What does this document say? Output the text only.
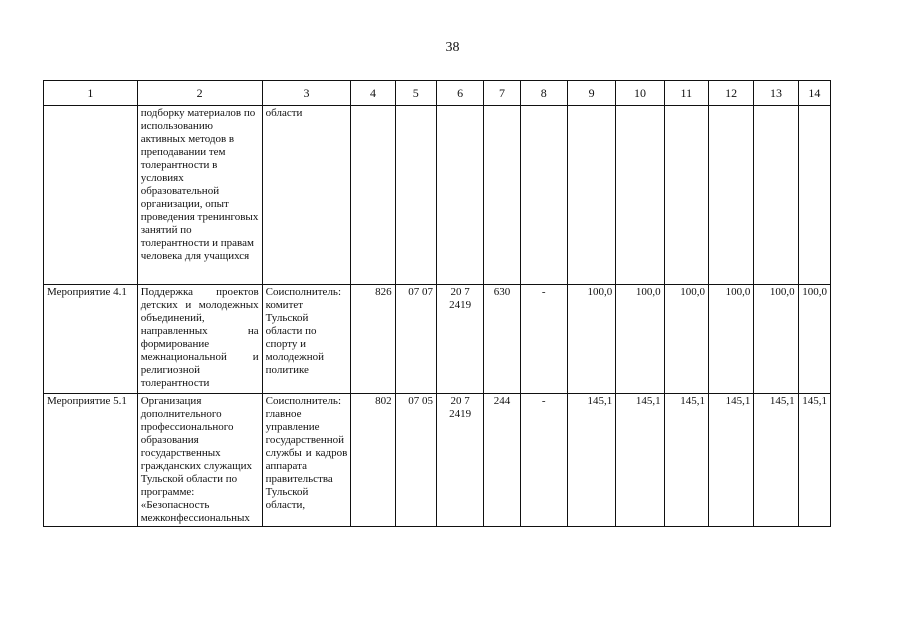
38
1	2	3	4	5	6	7	8	9	10	11	12	13	14
	подборку материалов по использованию активных методов в преподавании тем толерантности в условиях образовательной организации, опыт проведения тренинговых занятий по толерантности и правам человека для учащихся	области											
Мероприятие 4.1	Поддержка проектов детских и молодежных объединений, направленных на формирование межнациональной и религиозной толерантности	Соисполнитель: комитет Тульской области по спорту и молодежной политике	826	07 07	20 7 2419	630	-	100,0	100,0	100,0	100,0	100,0	100,0
Мероприятие 5.1	Организация дополнительного профессионального образования государственных гражданских служащих Тульской области по программе: «Безопасность межконфессиональных	Соисполнитель: главное управление государственной службы и кадров аппарата правительства Тульской области,	802	07 05	20 7 2419	244	-	145,1	145,1	145,1	145,1	145,1	145,1
